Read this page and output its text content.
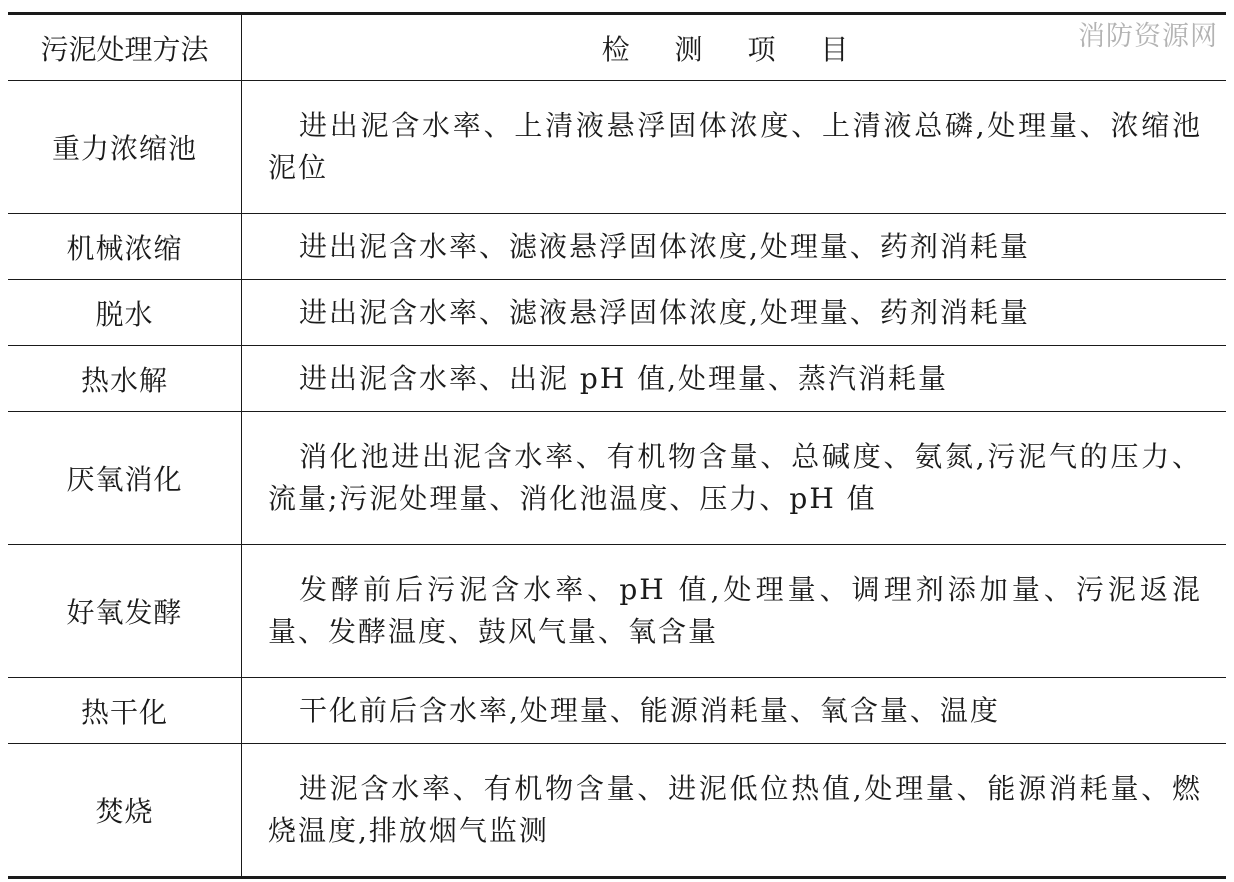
消防资源网
污泥处理方法	检 测 项 目
重力浓缩池	进出泥含水率、上清液悬浮固体浓度、上清液总磷,处理量、浓缩池泥位
机械浓缩	进出泥含水率、滤液悬浮固体浓度,处理量、药剂消耗量
脱水	进出泥含水率、滤液悬浮固体浓度,处理量、药剂消耗量
热水解	进出泥含水率、出泥 pH 值,处理量、蒸汽消耗量
厌氧消化	消化池进出泥含水率、有机物含量、总碱度、氨氮,污泥气的压力、流量;污泥处理量、消化池温度、压力、pH 值
好氧发酵	发酵前后污泥含水率、pH 值,处理量、调理剂添加量、污泥返混量、发酵温度、鼓风气量、氧含量
热干化	干化前后含水率,处理量、能源消耗量、氧含量、温度
焚烧	进泥含水率、有机物含量、进泥低位热值,处理量、能源消耗量、燃烧温度,排放烟气监测
